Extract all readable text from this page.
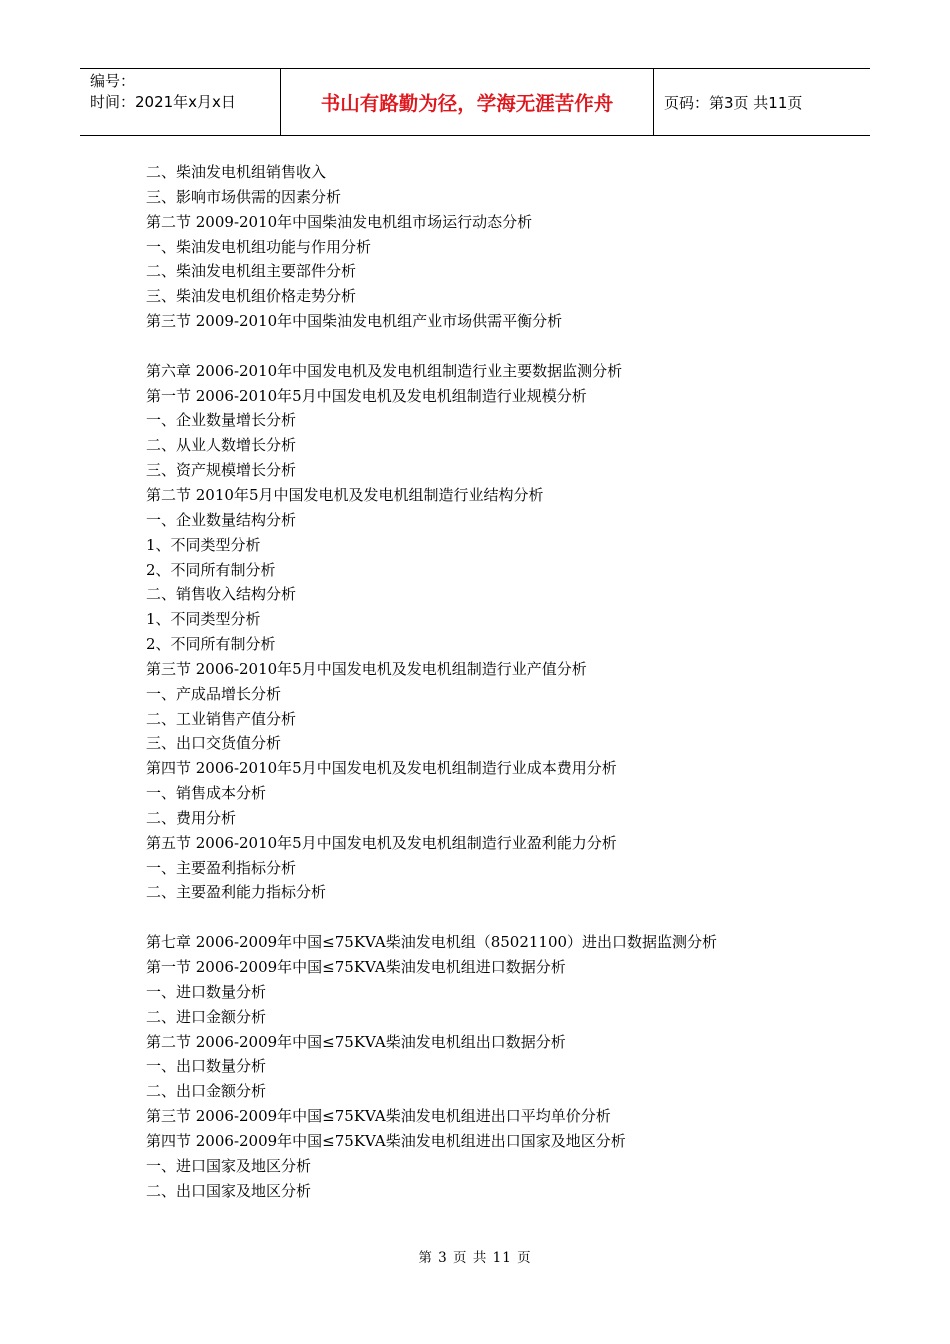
编号：
时间：2021年x月x日	书山有路勤为径，学海无涯苦作舟	页码：第3页 共11页
二、柴油发电机组销售收入
三、影响市场供需的因素分析
第二节 2009-2010年中国柴油发电机组市场运行动态分析
一、柴油发电机组功能与作用分析
二、柴油发电机组主要部件分析
三、柴油发电机组价格走势分析
第三节 2009-2010年中国柴油发电机组产业市场供需平衡分析
第六章 2006-2010年中国发电机及发电机组制造行业主要数据监测分析
第一节 2006-2010年5月中国发电机及发电机组制造行业规模分析
一、企业数量增长分析
二、从业人数增长分析
三、资产规模增长分析
第二节 2010年5月中国发电机及发电机组制造行业结构分析
一、企业数量结构分析
1、不同类型分析
2、不同所有制分析
二、销售收入结构分析
1、不同类型分析
2、不同所有制分析
第三节 2006-2010年5月中国发电机及发电机组制造行业产值分析
一、产成品增长分析
二、工业销售产值分析
三、出口交货值分析
第四节 2006-2010年5月中国发电机及发电机组制造行业成本费用分析
一、销售成本分析
二、费用分析
第五节 2006-2010年5月中国发电机及发电机组制造行业盈利能力分析
一、主要盈利指标分析
二、主要盈利能力指标分析
第七章 2006-2009年中国≤75KVA柴油发电机组（85021100）进出口数据监测分析
第一节 2006-2009年中国≤75KVA柴油发电机组进口数据分析
一、进口数量分析
二、进口金额分析
第二节 2006-2009年中国≤75KVA柴油发电机组出口数据分析
一、出口数量分析
二、出口金额分析
第三节 2006-2009年中国≤75KVA柴油发电机组进出口平均单价分析
第四节 2006-2009年中国≤75KVA柴油发电机组进出口国家及地区分析
一、进口国家及地区分析
二、出口国家及地区分析
第 3 页 共 11 页
